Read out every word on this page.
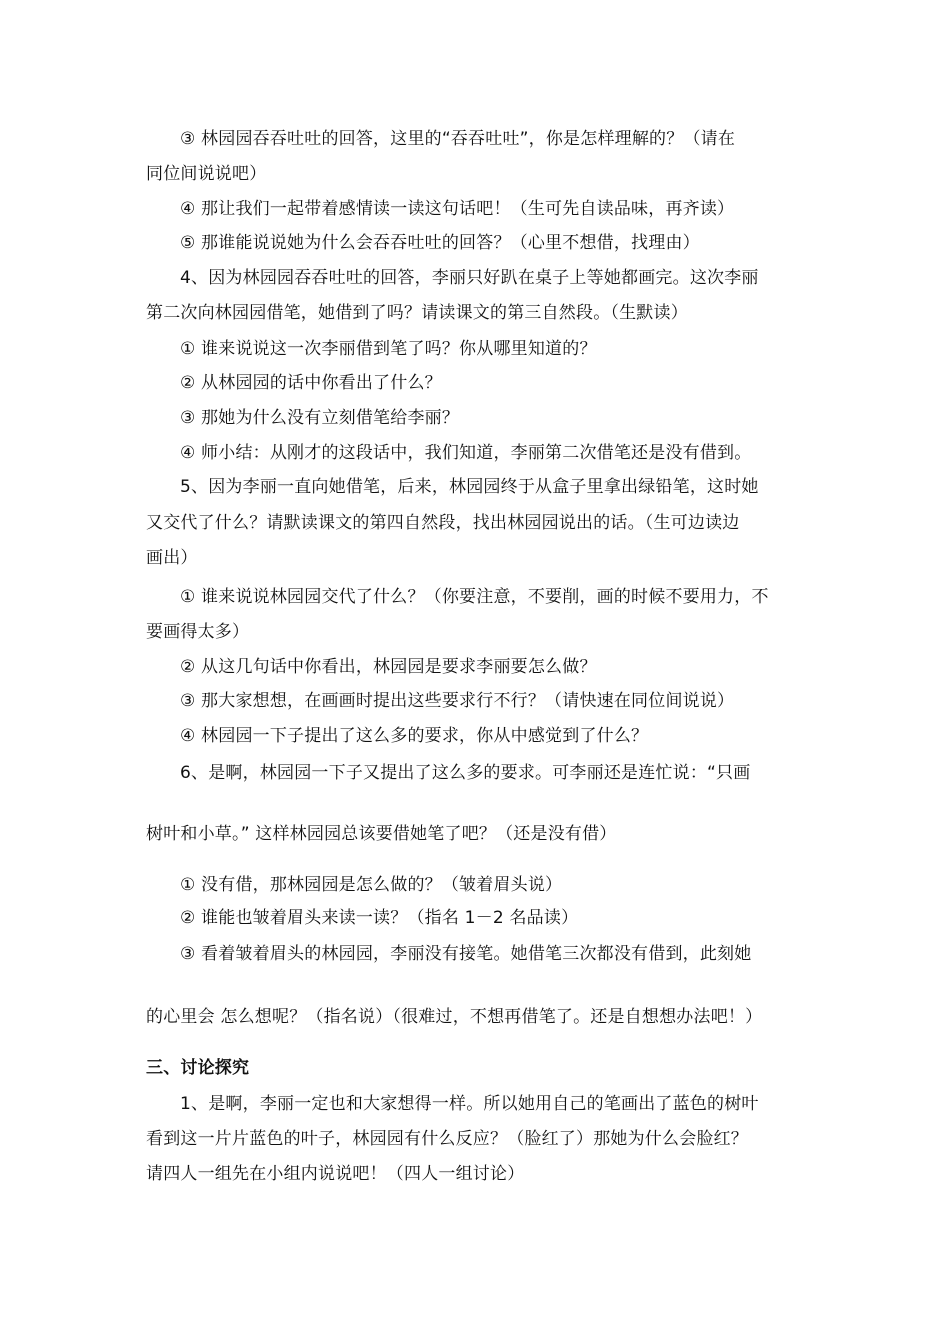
③ 林园园吞吞吐吐的回答，这里的“吞吞吐吐”，你是怎样理解的？（请在
同位间说说吧）
④ 那让我们一起带着感情读一读这句话吧！（生可先自读品味，再齐读）
⑤ 那谁能说说她为什么会吞吞吐吐的回答？（心里不想借，找理由）
4、因为林园园吞吞吐吐的回答，李丽只好趴在桌子上等她都画完。这次李丽
第二次向林园园借笔，她借到了吗？请读课文的第三自然段。（生默读）
① 谁来说说这一次李丽借到笔了吗？你从哪里知道的？
② 从林园园的话中你看出了什么？
③ 那她为什么没有立刻借笔给李丽？
④ 师小结：从刚才的这段话中，我们知道，李丽第二次借笔还是没有借到。
5、因为李丽一直向她借笔，后来，林园园终于从盒子里拿出绿铅笔，这时她
又交代了什么？请默读课文的第四自然段，找出林园园说出的话。（生可边读边
画出）
① 谁来说说林园园交代了什么？（你要注意，不要削，画的时候不要用力，不
要画得太多）
② 从这几句话中你看出，林园园是要求李丽要怎么做？
③ 那大家想想，在画画时提出这些要求行不行？（请快速在同位间说说）
④ 林园园一下子提出了这么多的要求，你从中感觉到了什么？
6、是啊，林园园一下子又提出了这么多的要求。可李丽还是连忙说：“只画
树叶和小草。” 这样林园园总该要借她笔了吧？（还是没有借）
① 没有借，那林园园是怎么做的？（皱着眉头说）
② 谁能也皱着眉头来读一读？（指名 1－2 名品读）
③ 看着皱着眉头的林园园，李丽没有接笔。她借笔三次都没有借到，此刻她
的心里会 怎么想呢？（指名说）（很难过，不想再借笔了。还是自想想办法吧！）
三、讨论探究
1、是啊，李丽一定也和大家想得一样。所以她用自己的笔画出了蓝色的树叶
看到这一片片蓝色的叶子，林园园有什么反应？（脸红了）那她为什么会脸红？
请四人一组先在小组内说说吧！（四人一组讨论）
